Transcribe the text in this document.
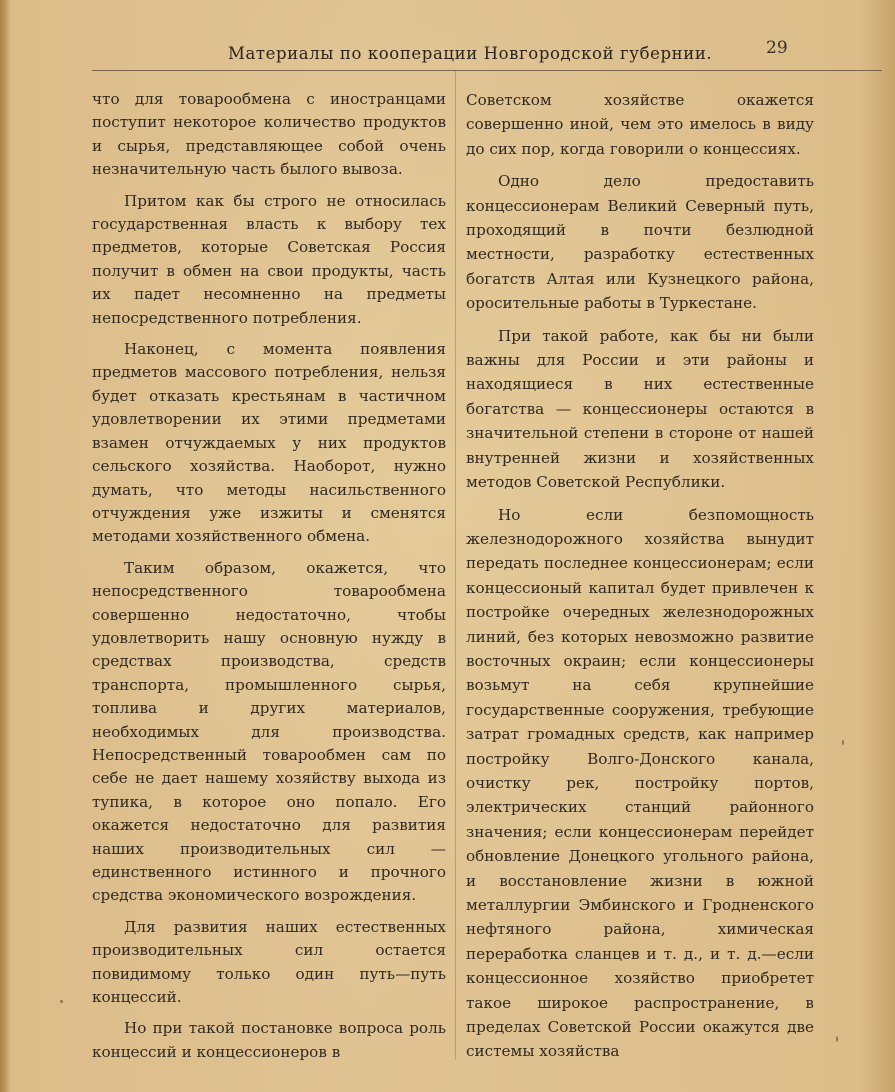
Материалы по кооперации Новгородской губернии.	29

что для товарообмена с иностранцами поступит некоторое количество продуктов и сырья, представляющее собой очень незначительную часть былого вывоза.

Притом как бы строго не относилась государственная власть к выбору тех предметов, которые Советская Россия получит в обмен на свои продукты, часть их падет несомненно на предметы непосредственного потребления.

Наконец, с момента появления предметов массового потребления, нельзя будет отказать крестьянам в частичном удовлетворении их этими предметами взамен отчуждаемых у них продуктов сельского хозяйства. Наоборот, нужно думать, что методы насильственного отчуждения уже изжиты и сменятся методами хозяйственного обмена.

Таким образом, окажется, что непосредственного товарообмена совершенно недостаточно, чтобы удовлетворить нашу основную нужду в средствах производства, средств транспорта, промышленного сырья, топлива и других материалов, необходимых для производства. Непосредственный товарообмен сам по себе не дает нашему хозяйству выхода из тупика, в которое оно попало. Его окажется недостаточно для развития наших производительных сил — единственного истинного и прочного средства экономического возрождения.

Для развития наших естественных производительных сил остается повидимому только один путь—путь концессий.

Но при такой постановке вопроса роль концессий и концессионеров в

Советском хозяйстве окажется совершенно иной, чем это имелось в виду до сих пор, когда говорили о концессиях.

Одно дело предоставить концессионерам Великий Северный путь, проходящий в почти безлюдной местности, разработку естественных богатств Алтая или Кузнецкого района, оросительные работы в Туркестане.

При такой работе, как бы ни были важны для России и эти районы и находящиеся в них естественные богатства — концессионеры остаются в значительной степени в стороне от нашей внутренней жизни и хозяйственных методов Советской Республики.

Но если безпомощность железнодорожного хозяйства вынудит передать последнее концессионерам; если концессионый капитал будет привлечен к постройке очередных железнодорожных линий, без которых невозможно развитие восточных окраин; если концессионеры возьмут на себя крупнейшие государственные сооружения, требующие затрат громадных средств, как например постройку Волго-Донского канала, очистку рек, постройку портов, электрических станций районного значения; если концессионерам перейдет обновление Донецкого угольного района, и восстановление жизни в южной металлургии Эмбинского и Гродненского нефтяного района, химическая переработка сланцев и т. д., и т. д.—если концессионное хозяйство приобретет такое широкое распространение, в пределах Советской России окажутся две системы хозяйства
